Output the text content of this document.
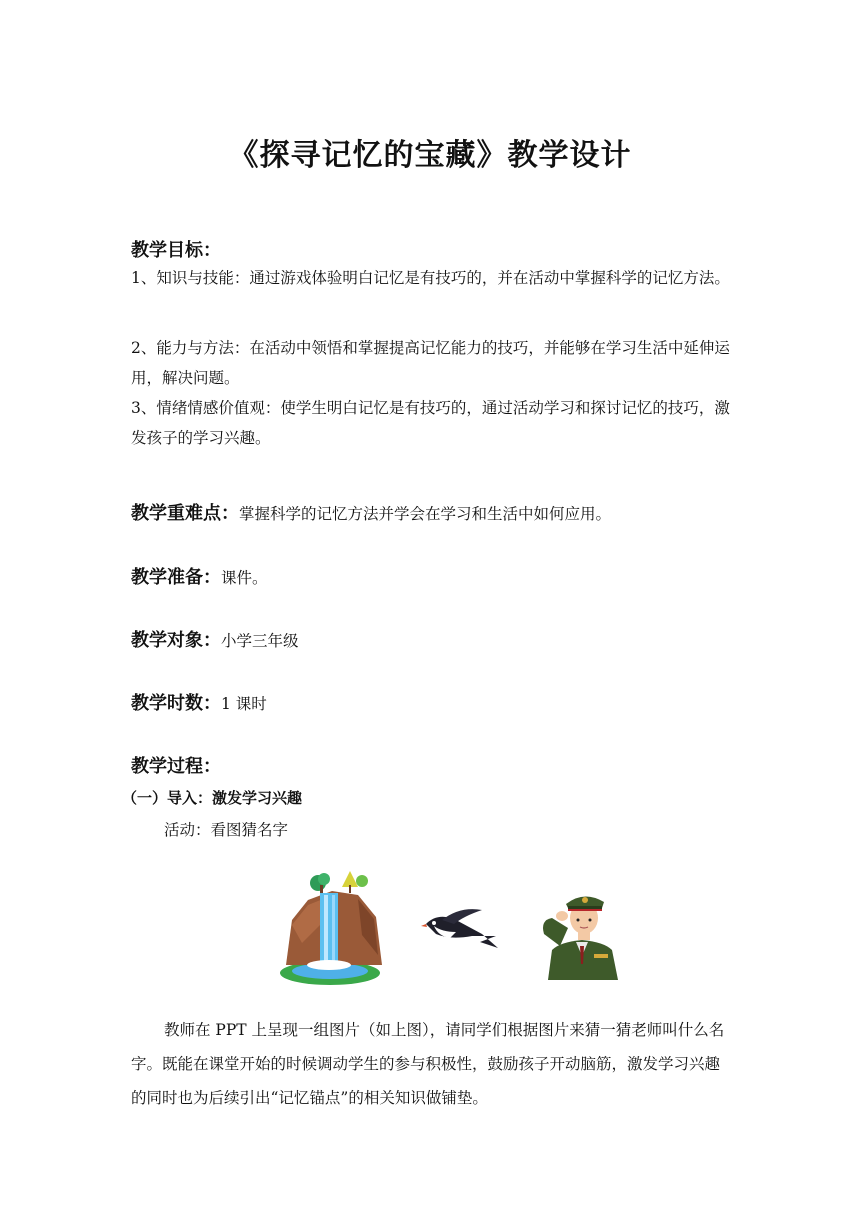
《探寻记忆的宝藏》教学设计
教学目标：
1、知识与技能：通过游戏体验明白记忆是有技巧的，并在活动中掌握科学的记忆方法。
2、能力与方法：在活动中领悟和掌握提高记忆能力的技巧，并能够在学习生活中延伸运用，解决问题。
3、情绪情感价值观：使学生明白记忆是有技巧的，通过活动学习和探讨记忆的技巧，激发孩子的学习兴趣。
教学重难点：掌握科学的记忆方法并学会在学习和生活中如何应用。
教学准备：课件。
教学对象：小学三年级
教学时数：1 课时
教学过程：
（一）导入：激发学习兴趣
活动：看图猜名字
教师在 PPT 上呈现一组图片（如上图），请同学们根据图片来猜一猜老师叫什么名字。既能在课堂开始的时候调动学生的参与积极性，鼓励孩子开动脑筋，激发学习兴趣的同时也为后续引出“记忆锚点”的相关知识做铺垫。
